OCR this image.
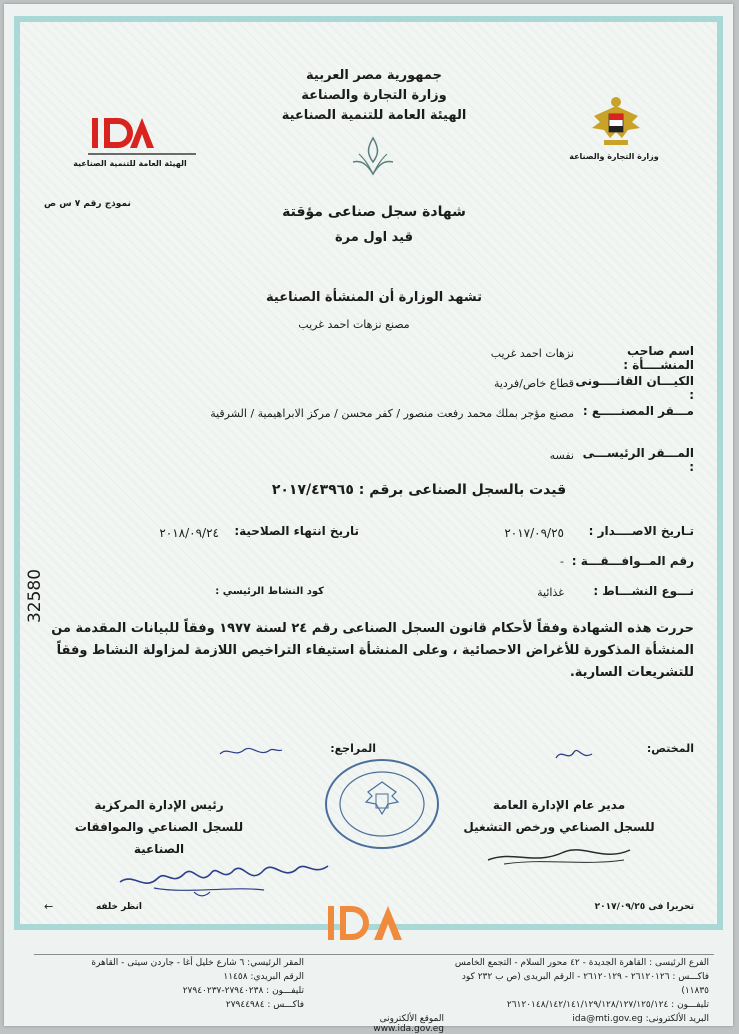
جمهورية مصر العربية
وزارة التجارة والصناعة
الهيئة العامة للتنمية الصناعية
الهيئة العامة للتنمية الصناعية
وزارة التجارة والصناعة
نموذج رقم ٧ س ص	شهادة سجل صناعى مؤقتة
قيد اول مرة
تشهد الوزارة أن المنشأة الصناعية
مصنع نزهات احمد غريب
اسم صاحب المنشــــأة :
نزهات احمد غريب
الكيـــان القانــــونى :
قطاع خاص/فردية
مـــقر المصنـــــع :
مصنع مؤجر بملك محمد رفعت منصور / كفر محسن / مركز الابراهيمية / الشرقية
المـــقر الرئيســـى :
نفسه
قيدت بالسجل الصناعى برقم : ٢٠١٧/٤٣٩٦٥
تـاريخ الاصــــدار :
٢٠١٧/٠٩/٢٥
تاريخ انتهاء الصلاحية:
٢٠١٨/٠٩/٢٤
رقم المــوافـــقـــة :
-
نـــوع النشـــاط :
غذائية
كود النشاط الرئيسي :
حررت هذه الشهادة وفقاً لأحكام قانون السجل الصناعى رقم ٢٤ لسنة ١٩٧٧ وفقاً للبيانات المقدمة من المنشأة المذكورة للأغراض الاحصائية ، وعلى المنشأة استيفاء التراخيص اللازمة لمزاولة النشاط وفقاً للتشريعات السارية.
المختص:
المراجع:
مدير عام الإدارة العامة
للسجل الصناعي ورخص التشغيل
رئيس الإدارة المركزية
للسجل الصناعي والموافقات الصناعية
32580
تحريرا فى ٢٠١٧/٠٩/٢٥
انظر خلفه
←
الفرع الرئيسى : القاهرة الجديدة - ٤٢ محور السلام - التجمع الخامس
فاكـــس : ٢٦١٢٠١٢٦ - ٢٦١٢٠١٢٩ - الرقم البريدى (ص ب ٢٣٢ كود ١١٨٣٥)
تليفـــون : ٢٦١٢٠١٤٨/١٤٢/١٤١/١٢٩/١٢٨/١٢٧/١٢٥/١٢٤
البريد الألكترونى: ida@mti.gov.eg
المقر الرئيسي: ٦ شارع خليل أغا - جاردن سيتى - القاهرة
الرقم البريدي: ١١٤٥٨
تليفـــون : ٢٧٩٤٠٢٣٨-٢٧٩٤٠٢٣٧
فاكـــس : ٢٧٩٤٤٩٨٤
الموقع الألكترونى www.ida.gov.eg
